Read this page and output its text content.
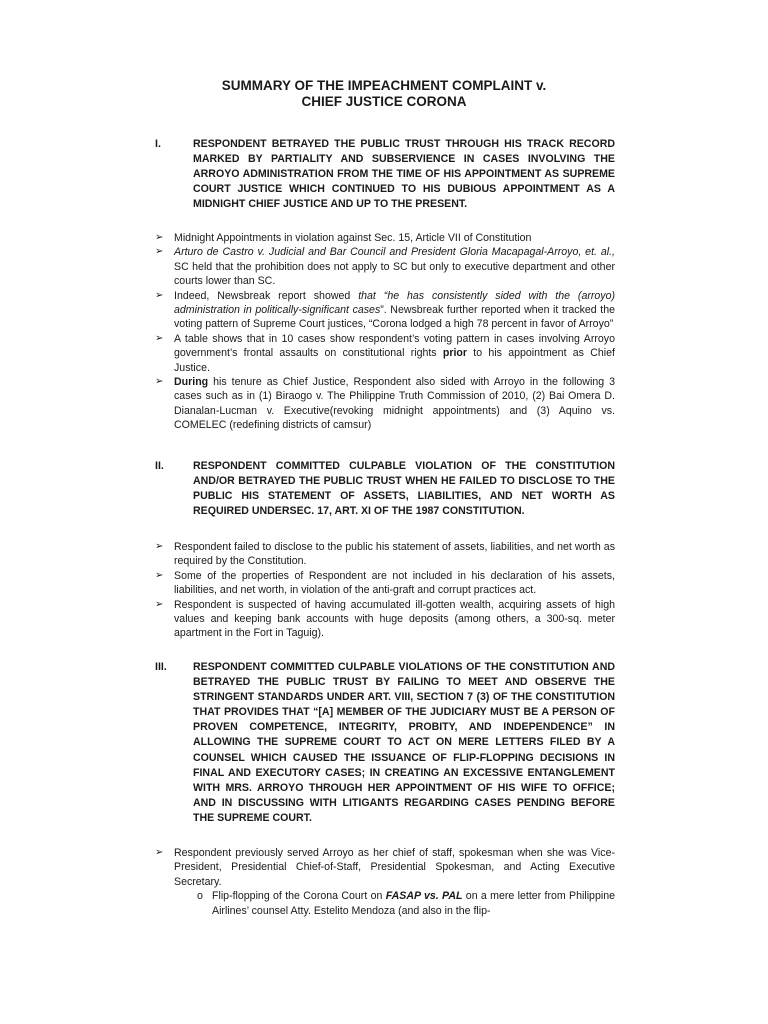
SUMMARY OF THE IMPEACHMENT COMPLAINT v.
CHIEF JUSTICE CORONA
I.	RESPONDENT BETRAYED THE PUBLIC TRUST THROUGH HIS TRACK RECORD MARKED BY PARTIALITY AND SUBSERVIENCE IN CASES INVOLVING THE ARROYO ADMINISTRATION FROM THE TIME OF HIS APPOINTMENT AS SUPREME COURT JUSTICE WHICH CONTINUED TO HIS DUBIOUS APPOINTMENT AS A MIDNIGHT CHIEF JUSTICE AND UP TO THE PRESENT.
➢ Midnight Appointments in violation against Sec. 15, Article VII of Constitution
➢ Arturo de Castro v. Judicial and Bar Council and President Gloria Macapagal-Arroyo, et. al., SC held that the prohibition does not apply to SC but only to executive department and other courts lower than SC.
➢ Indeed, Newsbreak report showed that “he has consistently sided with the (arroyo) administration in politically-significant cases”. Newsbreak further reported when it tracked the voting pattern of Supreme Court justices, “Corona lodged a high 78 percent in favor of Arroyo”
➢ A table shows that in 10 cases show respondent’s voting pattern in cases involving Arroyo government’s frontal assaults on constitutional rights prior to his appointment as Chief Justice.
➢ During his tenure as Chief Justice, Respondent also sided with Arroyo in the following 3 cases such as in (1) Biraogo v. The Philippine Truth Commission of 2010, (2) Bai Omera D. Dianalan-Lucman v. Executive(revoking midnight appointments) and (3) Aquino vs. COMELEC (redefining districts of camsur)
II.	RESPONDENT COMMITTED CULPABLE VIOLATION OF THE CONSTITUTION AND/OR BETRAYED THE PUBLIC TRUST WHEN HE FAILED TO DISCLOSE TO THE PUBLIC HIS STATEMENT OF ASSETS, LIABILITIES, AND NET WORTH AS REQUIRED UNDERSEC. 17, ART. XI OF THE 1987 CONSTITUTION.
➢ Respondent failed to disclose to the public his statement of assets, liabilities, and net worth as required by the Constitution.
➢ Some of the properties of Respondent are not included in his declaration of his assets, liabilities, and net worth, in violation of the anti-graft and corrupt practices act.
➢ Respondent is suspected of having accumulated ill-gotten wealth, acquiring assets of high values and keeping bank accounts with huge deposits (among others, a 300-sq. meter apartment in the Fort in Taguig).
III. RESPONDENT COMMITTED CULPABLE VIOLATIONS OF THE CONSTITUTION AND BETRAYED THE PUBLIC TRUST BY FAILING TO MEET AND OBSERVE THE STRINGENT STANDARDS UNDER ART. VIII, SECTION 7 (3) OF THE CONSTITUTION THAT PROVIDES THAT “[A] MEMBER OF THE JUDICIARY MUST BE A PERSON OF PROVEN COMPETENCE, INTEGRITY, PROBITY, AND INDEPENDENCE” IN ALLOWING THE SUPREME COURT TO ACT ON MERE LETTERS FILED BY A COUNSEL WHICH CAUSED THE ISSUANCE OF FLIP-FLOPPING DECISIONS IN FINAL AND EXECUTORY CASES; IN CREATING AN EXCESSIVE ENTANGLEMENT WITH MRS. ARROYO THROUGH HER APPOINTMENT OF HIS WIFE TO OFFICE; AND IN DISCUSSING WITH LITIGANTS REGARDING CASES PENDING BEFORE THE SUPREME COURT.
➢ Respondent previously served Arroyo as her chief of staff, spokesman when she was Vice-President, Presidential Chief-of-Staff, Presidential Spokesman, and Acting Executive Secretary.
o Flip-flopping of the Corona Court on FASAP vs. PAL on a mere letter from Philippine Airlines’ counsel Atty. Estelito Mendoza (and also in the flip-
